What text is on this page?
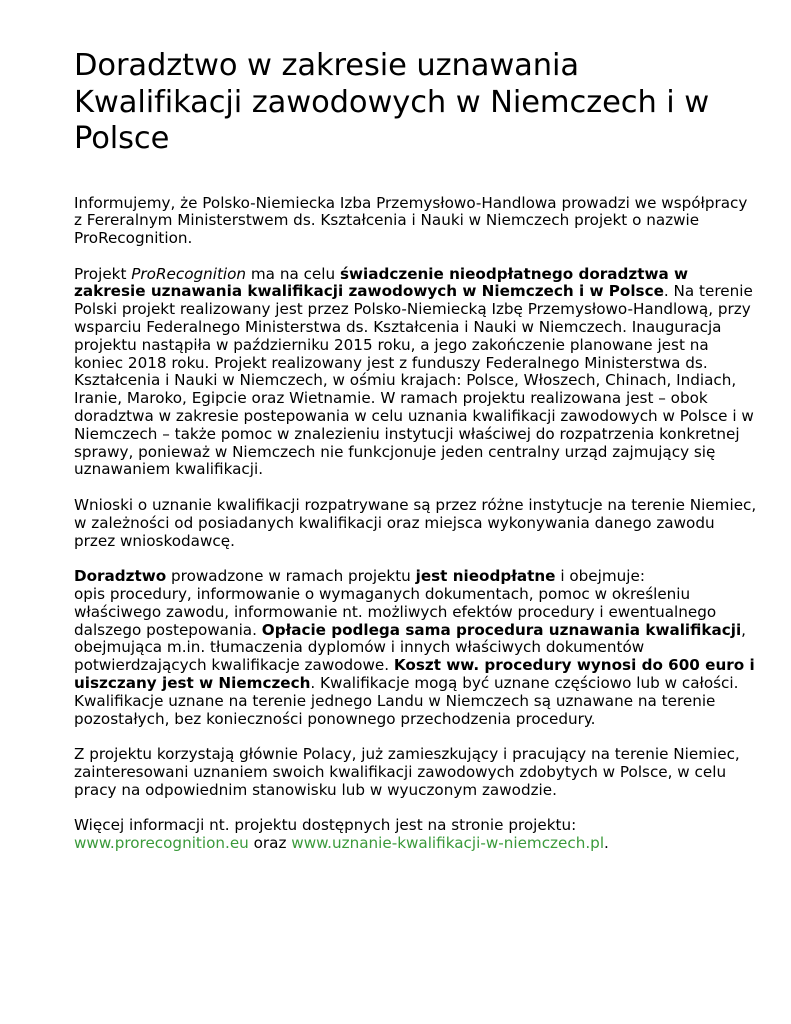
Doradztwo w zakresie uznawania Kwalifikacji zawodowych w Niemczech i w Polsce

Informujemy, że Polsko-Niemiecka Izba Przemysłowo-Handlowa prowadzi we współpracy z Fereralnym Ministerstwem ds. Kształcenia i Nauki w Niemczech projekt o nazwie ProRecognition.

Projekt ProRecognition ma na celu świadczenie nieodpłatnego doradztwa w zakresie uznawania kwalifikacji zawodowych w Niemczech i w Polsce. Na terenie Polski projekt realizowany jest przez Polsko-Niemiecką Izbę Przemysłowo-Handlową, przy wsparciu Federalnego Ministerstwa ds. Kształcenia i Nauki w Niemczech. Inauguracja projektu nastąpiła w październiku 2015 roku, a jego zakończenie planowane jest na koniec 2018 roku. Projekt realizowany jest z funduszy Federalnego Ministerstwa ds. Kształcenia i Nauki w Niemczech, w ośmiu krajach: Polsce, Włoszech, Chinach, Indiach, Iranie, Maroko, Egipcie oraz Wietnamie. W ramach projektu realizowana jest – obok doradztwa w zakresie postepowania w celu uznania kwalifikacji zawodowych w Polsce i w Niemczech – także pomoc w znalezieniu instytucji właściwej do rozpatrzenia konkretnej sprawy, ponieważ w Niemczech nie funkcjonuje jeden centralny urząd zajmujący się uznawaniem kwalifikacji.

Wnioski o uznanie kwalifikacji rozpatrywane są przez różne instytucje na terenie Niemiec, w zależności od posiadanych kwalifikacji oraz miejsca wykonywania danego zawodu przez wnioskodawcę.

Doradztwo prowadzone w ramach projektu jest nieodpłatne i obejmuje:
opis procedury, informowanie o wymaganych dokumentach, pomoc w określeniu właściwego zawodu, informowanie nt. możliwych efektów procedury i ewentualnego dalszego postepowania. Opłacie podlega sama procedura uznawania kwalifikacji, obejmująca m.in. tłumaczenia dyplomów i innych właściwych dokumentów potwierdzających kwalifikacje zawodowe. Koszt ww. procedury wynosi do 600 euro i uiszczany jest w Niemczech. Kwalifikacje mogą być uznane częściowo lub w całości. Kwalifikacje uznane na terenie jednego Landu w Niemczech są uznawane na terenie pozostałych, bez konieczności ponownego przechodzenia procedury.

Z projektu korzystają głównie Polacy, już zamieszkujący i pracujący na terenie Niemiec, zainteresowani uznaniem swoich kwalifikacji zawodowych zdobytych w Polsce, w celu pracy na odpowiednim stanowisku lub w wyuczonym zawodzie.

Więcej informacji nt. projektu dostępnych jest na stronie projektu:
www.prorecognition.eu oraz www.uznanie-kwalifikacji-w-niemczech.pl.
